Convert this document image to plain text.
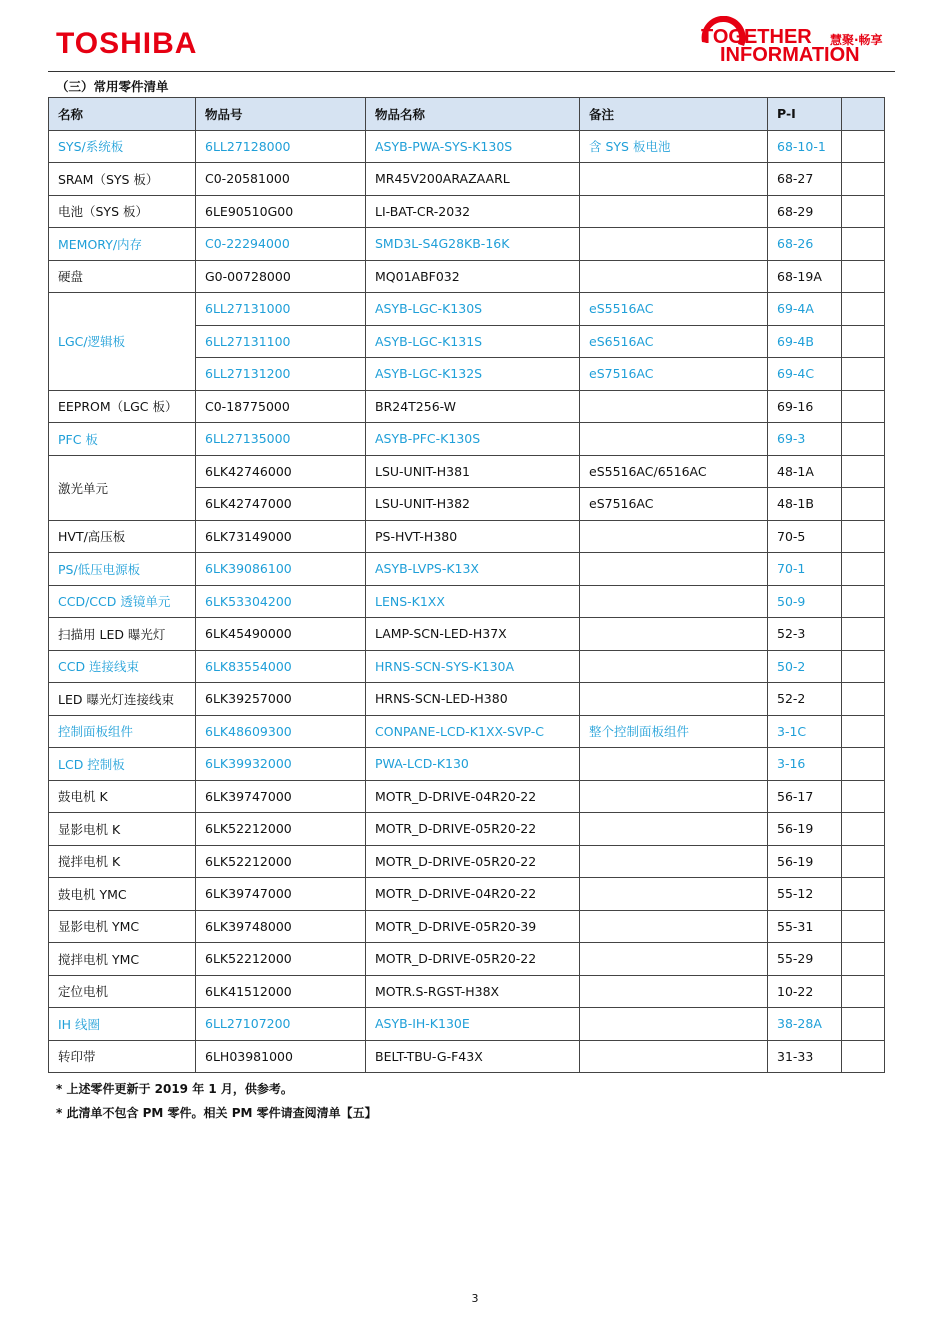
TOSHIBA	TOGETHER 慧聚·畅享
INFORMATION
（三）常用零件清单
名称	物品号	物品名称	备注	P-I	
SYS/系统板	6LL27128000	ASYB-PWA-SYS-K130S	含 SYS 板电池	68-10-1	
SRAM（SYS 板）	C0-20581000	MR45V200ARAZAARL		68-27	
电池（SYS 板）	6LE90510G00	LI-BAT-CR-2032		68-29	
MEMORY/内存	C0-22294000	SMD3L-S4G28KB-16K		68-26	
硬盘	G0-00728000	MQ01ABF032		68-19A	
LGC/逻辑板	6LL27131000	ASYB-LGC-K130S	eS5516AC	69-4A	
	6LL27131100	ASYB-LGC-K131S	eS6516AC	69-4B	
	6LL27131200	ASYB-LGC-K132S	eS7516AC	69-4C	
EEPROM（LGC 板）	C0-18775000	BR24T256-W		69-16	
PFC 板	6LL27135000	ASYB-PFC-K130S		69-3	
激光单元	6LK42746000	LSU-UNIT-H381	eS5516AC/6516AC	48-1A	
	6LK42747000	LSU-UNIT-H382	eS7516AC	48-1B	
HVT/高压板	6LK73149000	PS-HVT-H380		70-5	
PS/低压电源板	6LK39086100	ASYB-LVPS-K13X		70-1	
CCD/CCD 透镜单元	6LK53304200	LENS-K1XX		50-9	
扫描用 LED 曝光灯	6LK45490000	LAMP-SCN-LED-H37X		52-3	
CCD 连接线束	6LK83554000	HRNS-SCN-SYS-K130A		50-2	
LED 曝光灯连接线束	6LK39257000	HRNS-SCN-LED-H380		52-2	
控制面板组件	6LK48609300	CONPANE-LCD-K1XX-SVP-C	整个控制面板组件	3-1C	
LCD 控制板	6LK39932000	PWA-LCD-K130		3-16	
鼓电机 K	6LK39747000	MOTR_D-DRIVE-04R20-22		56-17	
显影电机 K	6LK52212000	MOTR_D-DRIVE-05R20-22		56-19	
搅拌电机 K	6LK52212000	MOTR_D-DRIVE-05R20-22		56-19	
鼓电机 YMC	6LK39747000	MOTR_D-DRIVE-04R20-22		55-12	
显影电机 YMC	6LK39748000	MOTR_D-DRIVE-05R20-39		55-31	
搅拌电机 YMC	6LK52212000	MOTR_D-DRIVE-05R20-22		55-29	
定位电机	6LK41512000	MOTR.S-RGST-H38X		10-22	
IH 线圈	6LL27107200	ASYB-IH-K130E		38-28A	
转印带	6LH03981000	BELT-TBU-G-F43X		31-33	
* 上述零件更新于 2019 年 1 月，供参考。
* 此清单不包含 PM 零件。相关 PM 零件请查阅清单【五】
3
